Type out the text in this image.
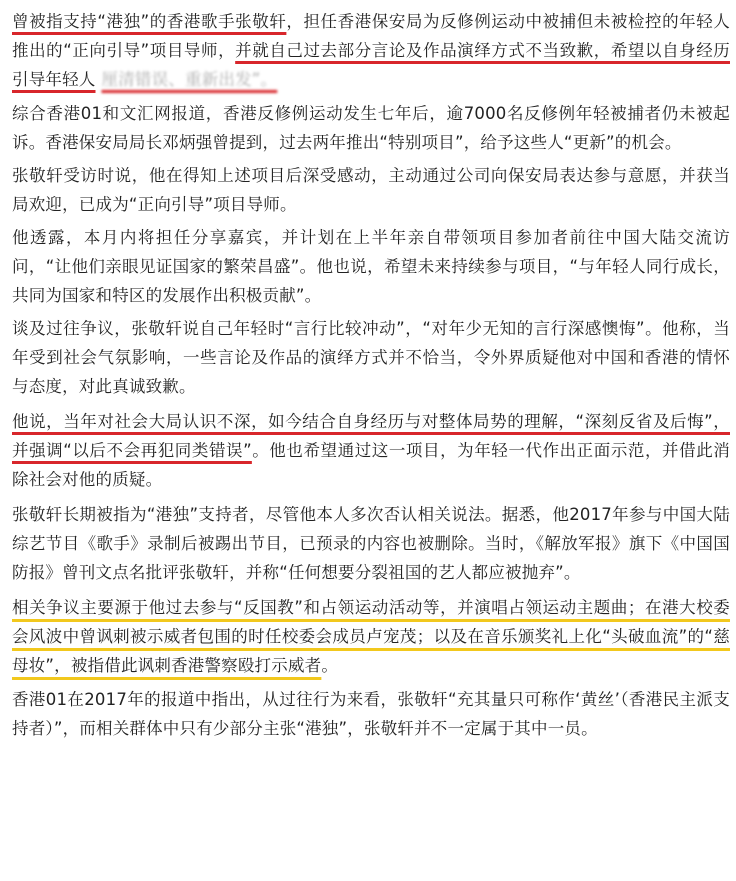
曾被指支持“港独”的香港歌手张敬轩，担任香港保安局为反修例运动中被捕但未被检控的年轻人推出的“正向引导”项目导师，并就自己过去部分言论及作品演绎方式不当致歉，希望以自身经历引导年轻人 厘清错误、重新出发”。

综合香港01和文汇网报道，香港反修例运动发生七年后，逾7000名反修例年轻被捕者仍未被起诉。香港保安局局长邓炳强曾提到，过去两年推出“特别项目”，给予这些人“更新”的机会。

张敬轩受访时说，他在得知上述项目后深受感动，主动通过公司向保安局表达参与意愿，并获当局欢迎，已成为“正向引导”项目导师。

他透露，本月内将担任分享嘉宾，并计划在上半年亲自带领项目参加者前往中国大陆交流访问，“让他们亲眼见证国家的繁荣昌盛”。他也说，希望未来持续参与项目，“与年轻人同行成长，共同为国家和特区的发展作出积极贡献”。

谈及过往争议，张敬轩说自己年轻时“言行比较冲动”，“对年少无知的言行深感懊悔”。他称，当年受到社会气氛影响，一些言论及作品的演绎方式并不恰当，令外界质疑他对中国和香港的情怀与态度，对此真诚致歉。

他说，当年对社会大局认识不深，如今结合自身经历与对整体局势的理解，“深刻反省及后悔”，并强调“以后不会再犯同类错误”。他也希望通过这一项目，为年轻一代作出正面示范，并借此消除社会对他的质疑。

张敬轩长期被指为“港独”支持者，尽管他本人多次否认相关说法。据悉，他2017年参与中国大陆综艺节目《歌手》录制后被踢出节目，已预录的内容也被删除。当时，《解放军报》旗下《中国国防报》曾刊文点名批评张敬轩，并称“任何想要分裂祖国的艺人都应被抛弃”。

相关争议主要源于他过去参与“反国教”和占领运动活动等，并演唱占领运动主题曲；在港大校委会风波中曾讽刺被示威者包围的时任校委会成员卢宠茂；以及在音乐颁奖礼上化“头破血流”的“慈母妆”，被指借此讽刺香港警察殴打示威者。

香港01在2017年的报道中指出，从过往行为来看，张敬轩“充其量只可称作‘黄丝’（香港民主派支持者）”，而相关群体中只有少部分主张“港独”，张敬轩并不一定属于其中一员。
